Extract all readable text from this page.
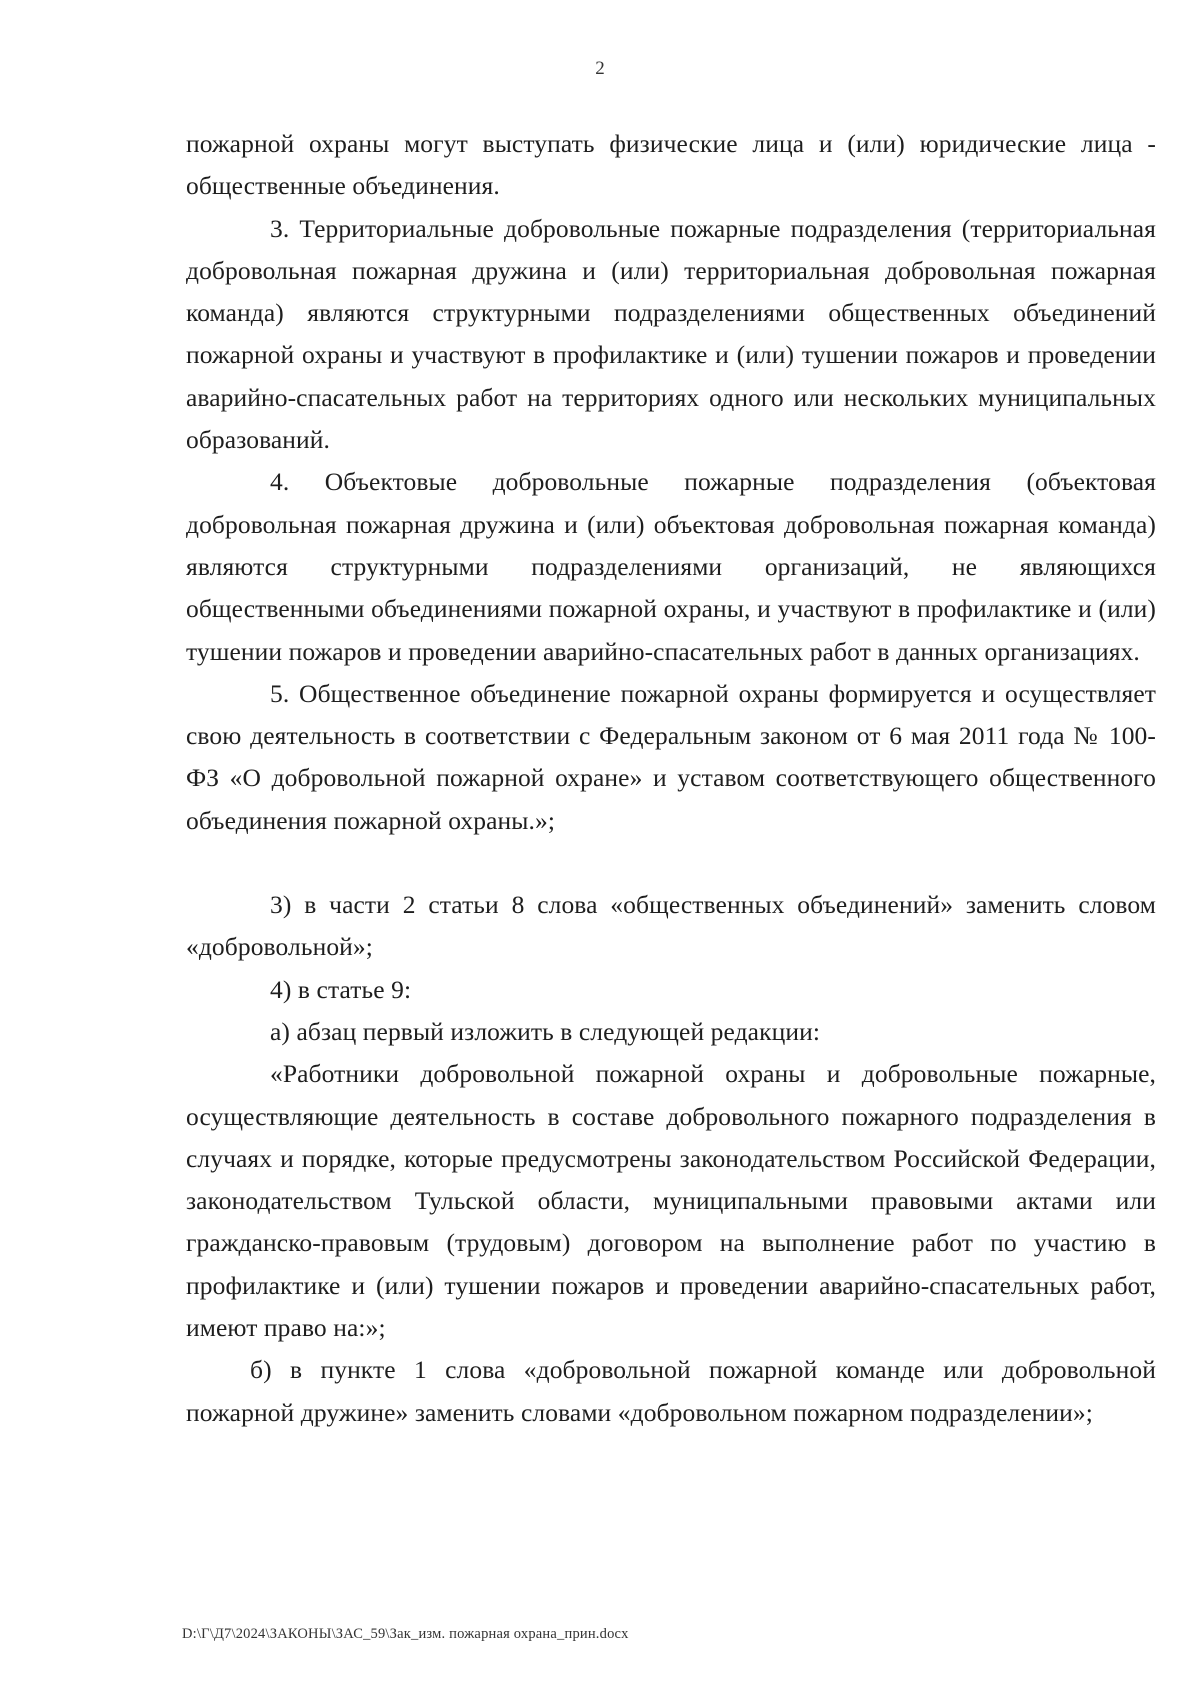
2

пожарной охраны могут выступать физические лица и (или) юридические лица - общественные объединения.

3. Территориальные добровольные пожарные подразделения (территориальная добровольная пожарная дружина и (или) территориальная добровольная пожарная команда) являются структурными подразделениями общественных объединений пожарной охраны и участвуют в профилактике и (или) тушении пожаров и проведении аварийно-спасательных работ на территориях одного или нескольких муниципальных образований.

4. Объектовые добровольные пожарные подразделения (объектовая добровольная пожарная дружина и (или) объектовая добровольная пожарная команда) являются структурными подразделениями организаций, не являющихся общественными объединениями пожарной охраны, и участвуют в профилактике и (или) тушении пожаров и проведении аварийно-спасательных работ в данных организациях.

5. Общественное объединение пожарной охраны формируется и осуществляет свою деятельность в соответствии с Федеральным законом от 6 мая 2011 года № 100-ФЗ «О добровольной пожарной охране» и уставом соответствующего общественного объединения пожарной охраны.»;

3) в части 2 статьи 8 слова «общественных объединений» заменить словом «добровольной»;

4) в статье 9:

а) абзац первый изложить в следующей редакции:

«Работники добровольной пожарной охраны и добровольные пожарные, осуществляющие деятельность в составе добровольного пожарного подразделения в случаях и порядке, которые предусмотрены законодательством Российской Федерации, законодательством Тульской области, муниципальными правовыми актами или гражданско-правовым (трудовым) договором на выполнение работ по участию в профилактике и (или) тушении пожаров и проведении аварийно-спасательных работ, имеют право на:»;

б) в пункте 1 слова «добровольной пожарной команде или добровольной пожарной дружине» заменить словами «добровольном пожарном подразделении»;

D:\Г\Д7\2024\ЗАКОНЫ\ЗАС_59\Зак_изм. пожарная охрана_прин.docx
